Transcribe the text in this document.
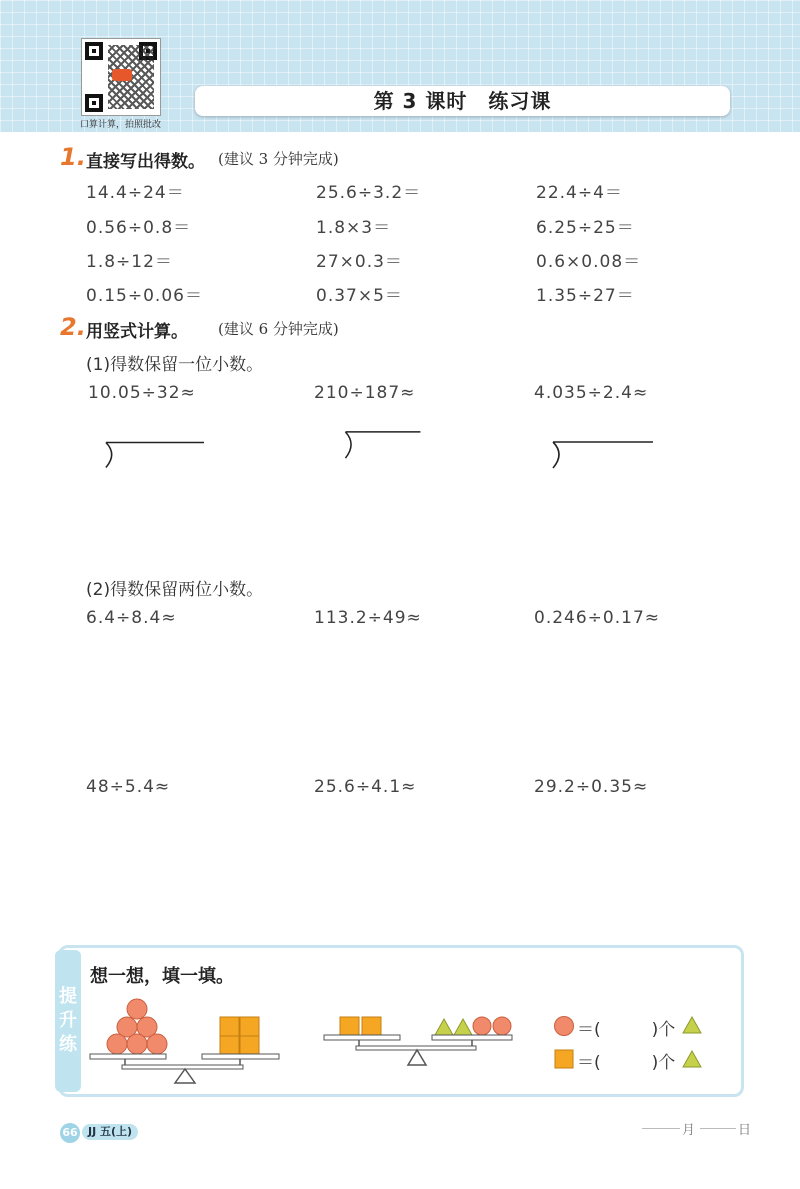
口算计算，拍照批改
第 3 课时　练习课
1. 直接写出得数。 (建议 3 分钟完成)
14.4÷24＝	25.6÷3.2＝	22.4÷4＝
0.56÷0.8＝	1.8×3＝	6.25÷25＝
1.8÷12＝	27×0.3＝	0.6×0.08＝
0.15÷0.06＝	0.37×5＝	1.35÷27＝
2. 用竖式计算。 (建议 6 分钟完成)
(1)得数保留一位小数。
10.05÷32≈	210÷187≈	4.035÷2.4≈
(2)得数保留两位小数。
6.4÷8.4≈	113.2÷49≈	0.246÷0.17≈
48÷5.4≈	25.6÷4.1≈	29.2÷0.35≈
提
升
练
想一想，填一填。
＝(　　　)个
＝(　　　)个
66 JJ 五(上)	月	日
